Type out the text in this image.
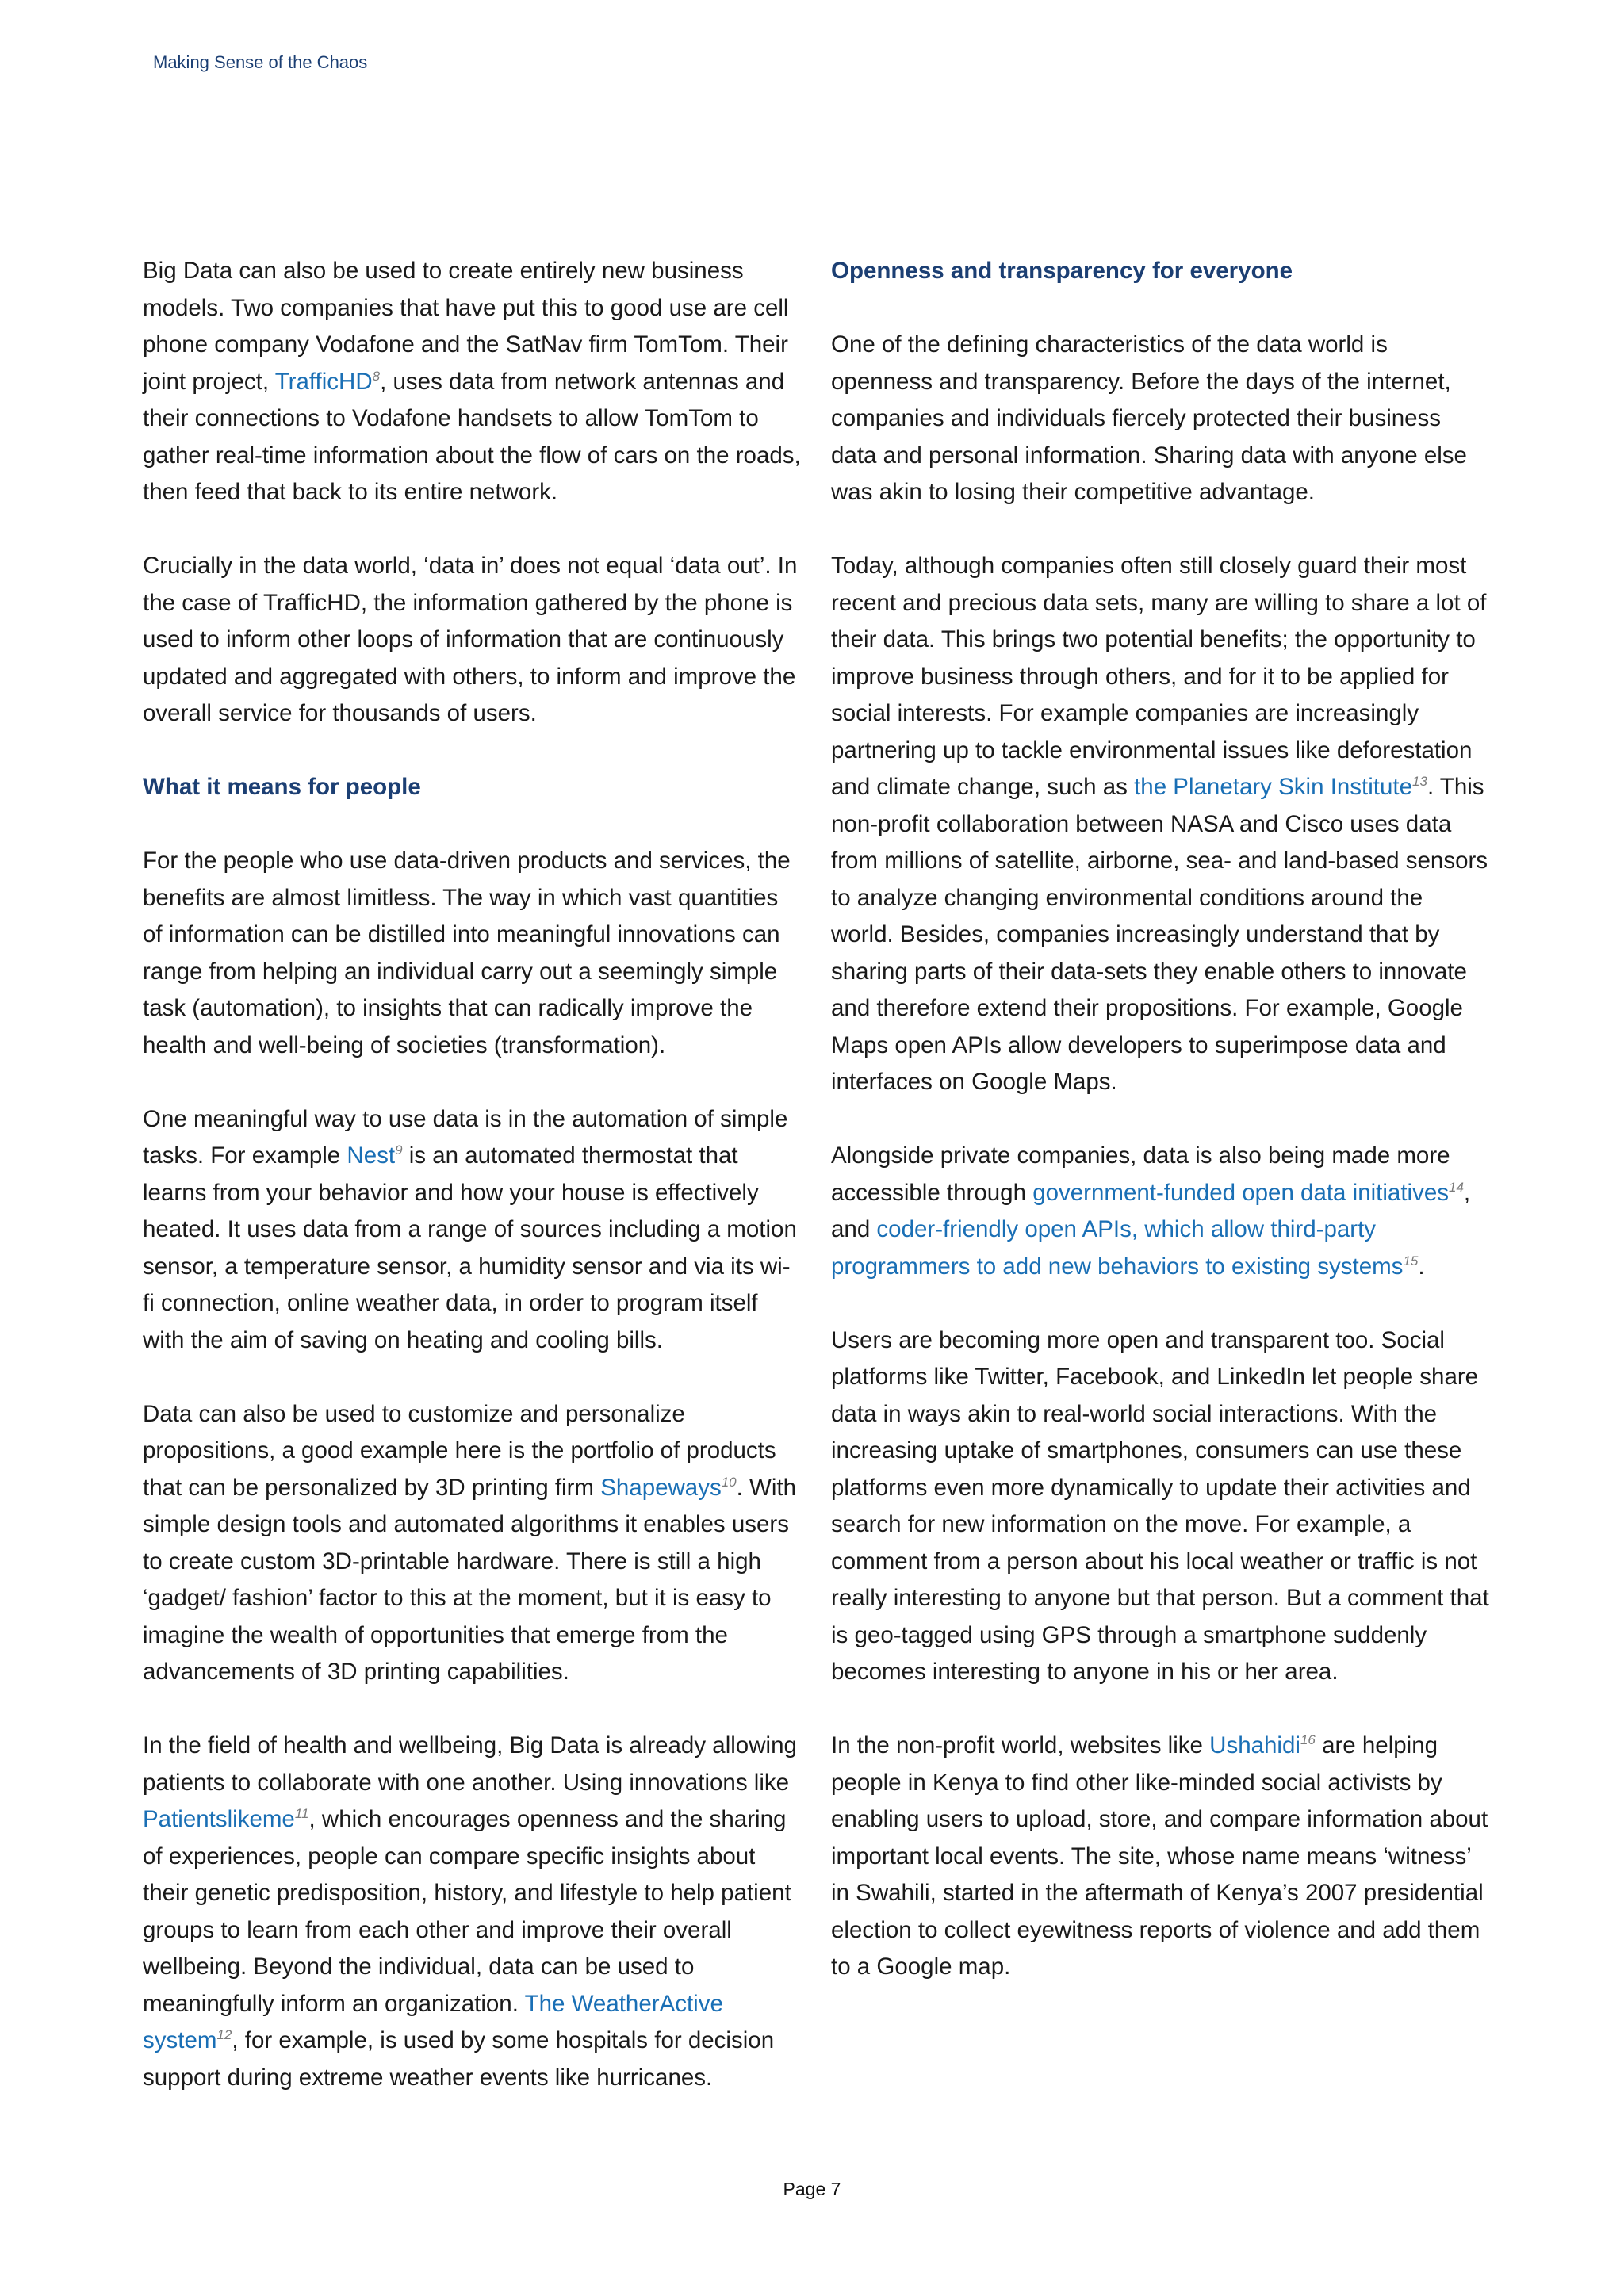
Making Sense of the Chaos

Big Data can also be used to create entirely new business models. Two companies that have put this to good use are cell phone company Vodafone and the SatNav firm TomTom. Their joint project, TrafficHD$^8$, uses data from network antennas and their connections to Vodafone handsets to allow TomTom to gather real-time information about the flow of cars on the roads, then feed that back to its entire network.

Crucially in the data world, ‘data in’ does not equal ‘data out’. In the case of TrafficHD, the information gathered by the phone is used to inform other loops of information that are continuously updated and aggregated with others, to inform and improve the overall service for thousands of users.

What it means for people

For the people who use data-driven products and services, the benefits are almost limitless. The way in which vast quantities of information can be distilled into meaningful innovations can range from helping an individual carry out a seemingly simple task (automation), to insights that can radically improve the health and well-being of societies (transformation).

One meaningful way to use data is in the automation of simple tasks. For example Nest$^9$ is an automated thermostat that learns from your behavior and how your house is effectively heated. It uses data from a range of sources including a motion sensor, a temperature sensor, a humidity sensor and via its wi-fi connection, online weather data, in order to program itself with the aim of saving on heating and cooling bills.

Data can also be used to customize and personalize propositions, a good example here is the portfolio of products that can be personalized by 3D printing firm Shapeways$^{10}$. With simple design tools and automated algorithms it enables users to create custom 3D-printable hardware. There is still a high ‘gadget/ fashion’ factor to this at the moment, but it is easy to imagine the wealth of opportunities that emerge from the advancements of 3D printing capabilities.

In the field of health and wellbeing, Big Data is already allowing patients to collaborate with one another. Using innovations like Patientslikeme$^{11}$, which encourages openness and the sharing of experiences, people can compare specific insights about their genetic predisposition, history, and lifestyle to help patient groups to learn from each other and improve their overall wellbeing. Beyond the individual, data can be used to meaningfully inform an organization. The WeatherActive system$^{12}$, for example, is used by some hospitals for decision support during extreme weather events like hurricanes.

Openness and transparency for everyone

One of the defining characteristics of the data world is openness and transparency. Before the days of the internet, companies and individuals fiercely protected their business data and personal information. Sharing data with anyone else was akin to losing their competitive advantage.

Today, although companies often still closely guard their most recent and precious data sets, many are willing to share a lot of their data. This brings two potential benefits; the opportunity to improve business through others, and for it to be applied for social interests. For example companies are increasingly partnering up to tackle environmental issues like deforestation and climate change, such as the Planetary Skin Institute$^{13}$. This non-profit collaboration between NASA and Cisco uses data from millions of satellite, airborne, sea- and land-based sensors to analyze changing environmental conditions around the world. Besides, companies increasingly understand that by sharing parts of their data-sets they enable others to innovate and therefore extend their propositions. For example, Google Maps open APIs allow developers to superimpose data and interfaces on Google Maps.

Alongside private companies, data is also being made more accessible through government-funded open data initiatives$^{14}$, and coder-friendly open APIs, which allow third-party programmers to add new behaviors to existing systems$^{15}$.

Users are becoming more open and transparent too. Social platforms like Twitter, Facebook, and LinkedIn let people share data in ways akin to real-world social interactions. With the increasing uptake of smartphones, consumers can use these platforms even more dynamically to update their activities and search for new information on the move. For example, a comment from a person about his local weather or traffic is not really interesting to anyone but that person. But a comment that is geo-tagged using GPS through a smartphone suddenly becomes interesting to anyone in his or her area.

In the non-profit world, websites like Ushahidi$^{16}$ are helping people in Kenya to find other like-minded social activists by enabling users to upload, store, and compare information about important local events. The site, whose name means ‘witness’ in Swahili, started in the aftermath of Kenya’s 2007 presidential election to collect eyewitness reports of violence and add them to a Google map.

Page 7
